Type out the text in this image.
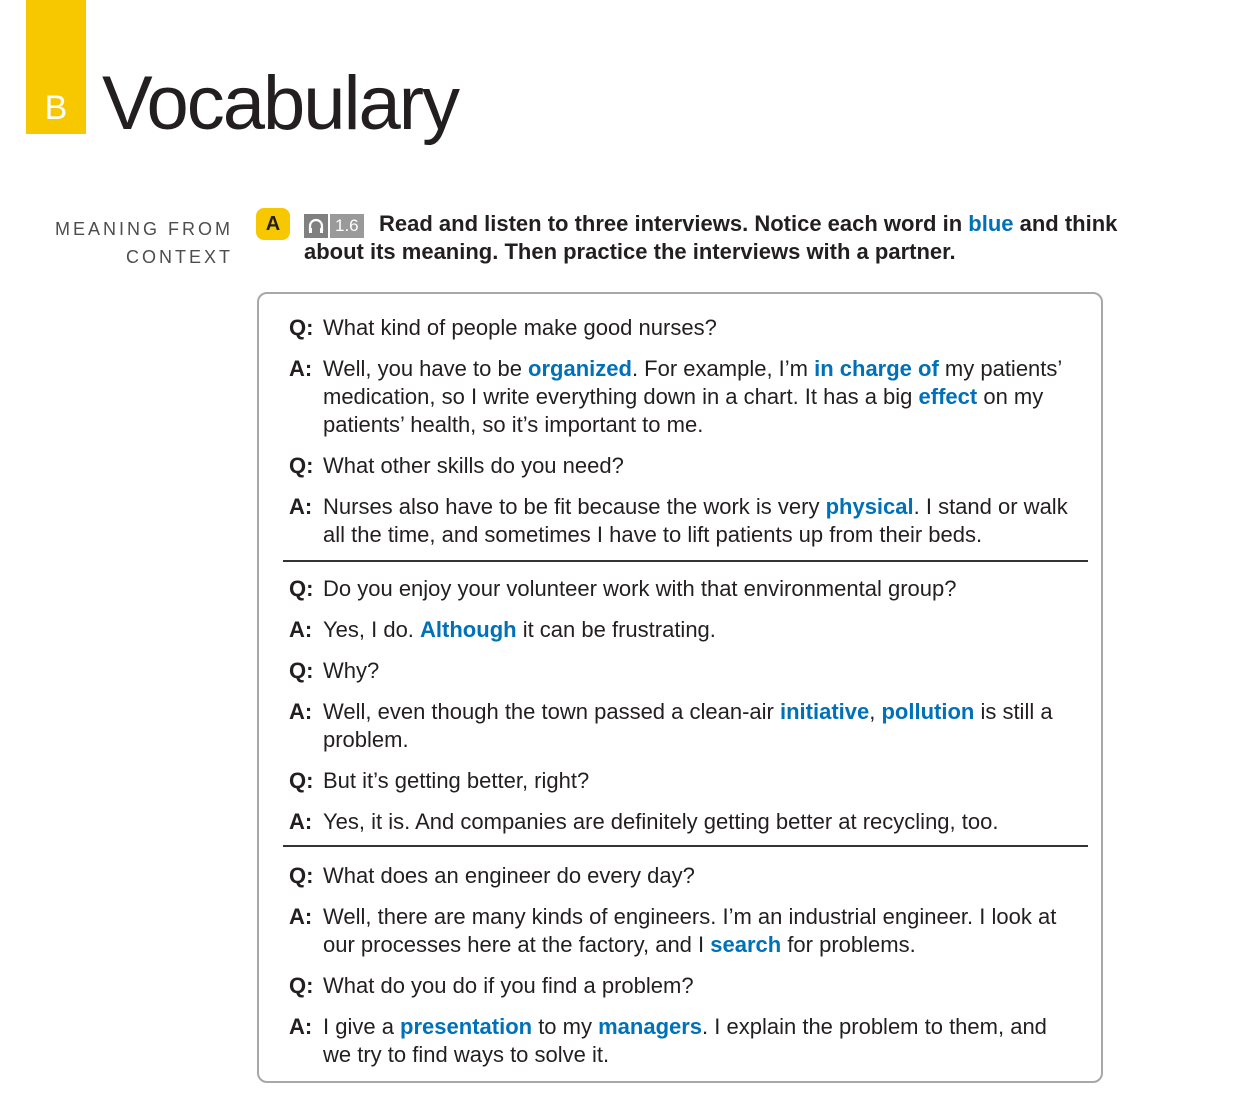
B Vocabulary
MEANING FROM
CONTEXT
A	Read and listen to three interviews. Notice each word in blue and think about its meaning. Then practice the interviews with a partner.

1.6
Q: What kind of people make good nurses?
A: Well, you have to be organized. For example, I’m in charge of my patients’ medication, so I write everything down in a chart. It has a big effect on my patients’ health, so it’s important to me.
Q: What other skills do you need?
A: Nurses also have to be fit because the work is very physical. I stand or walk all the time, and sometimes I have to lift patients up from their beds.
Q: Do you enjoy your volunteer work with that environmental group?
A: Yes, I do. Although it can be frustrating.
Q: Why?
A: Well, even though the town passed a clean-air initiative, pollution is still a problem.
Q: But it’s getting better, right?
A: Yes, it is. And companies are definitely getting better at recycling, too.
Q: What does an engineer do every day?
A: Well, there are many kinds of engineers. I’m an industrial engineer. I look at our processes here at the factory, and I search for problems.
Q: What do you do if you find a problem?
A: I give a presentation to my managers. I explain the problem to them, and we try to find ways to solve it.
